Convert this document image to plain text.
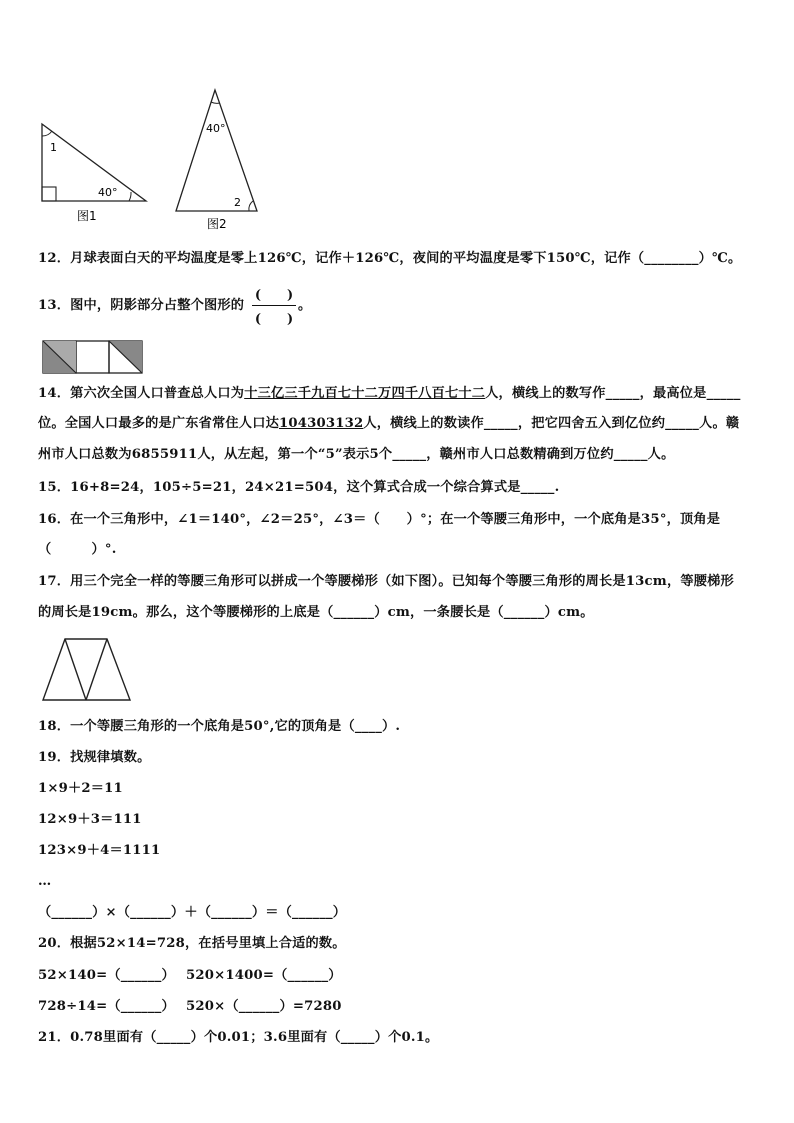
1
40°
图1
40°
2
图2
12．月球表面白天的平均温度是零上126℃，记作＋126℃，夜间的平均温度是零下150℃，记作（________）℃。
13．图中，阴影部分占整个图形的
(　　)
(　　)
。
14．第六次全国人口普查总人口为十三亿三千九百七十二万四千八百七十二人，横线上的数写作_____，最高位是_____
位。全国人口最多的是广东省常住人口达104303132人，横线上的数读作_____，把它四舍五入到亿位约_____人。赣
州市人口总数为6855911人，从左起，第一个“5”表示5个_____，赣州市人口总数精确到万位约_____人。
15．16+8=24，105÷5=21，24×21=504，这个算式合成一个综合算式是_____.
16．在一个三角形中，∠1＝140°，∠2＝25°，∠3＝（　　）°；在一个等腰三角形中，一个底角是35°，顶角是
（　　　）°.
17．用三个完全一样的等腰三角形可以拼成一个等腰梯形（如下图）。已知每个等腰三角形的周长是13cm，等腰梯形
的周长是19cm。那么，这个等腰梯形的上底是（______）cm，一条腰长是（______）cm。
18．一个等腰三角形的一个底角是50°,它的顶角是（____）.
19．找规律填数。
1×9＋2＝11
12×9＋3＝111
123×9＋4＝1111
…
（______）×（______）＋（______）＝（______）
20．根据52×14=728，在括号里填上合适的数。
52×140=（______） 520×1400=（______）
728÷14=（______） 520×（______）=7280
21．0.78里面有（_____）个0.01；3.6里面有（_____）个0.1。
